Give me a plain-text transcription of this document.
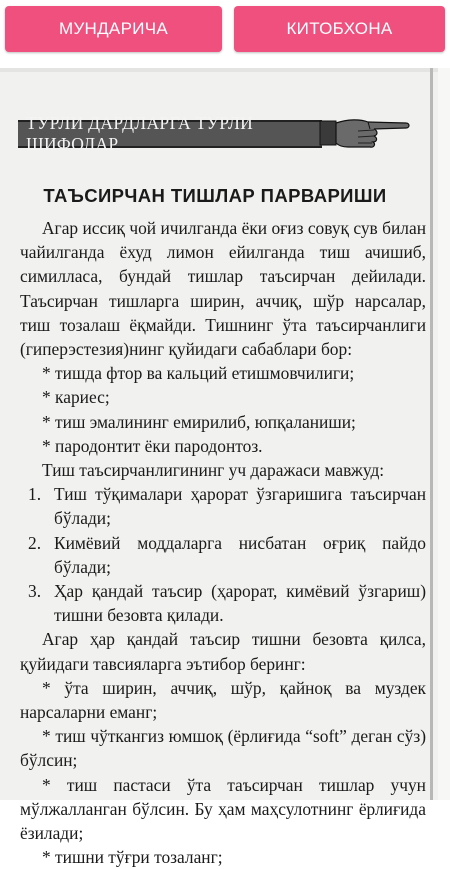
МУНДАРИЧА	КИТОБХОНА
ТУРЛИ ДАРДЛАРГА ТУРЛИ ШИФОЛАР
ТАЪСИРЧАН ТИШЛАР ПАРВАРИШИ

Агар иссиқ чой ичилганда ёки оғиз совуқ сув билан чайилганда ёхуд лимон ейилганда тиш ачишиб, симилласа, бундай тишлар таъсирчан дейилади. Таъсирчан тишларга ширин, аччиқ, шўр нарсалар, тиш тозалаш ёқмайди. Тишнинг ўта таъсирчанлиги (гиперэстезия)нинг қуйидаги сабаблари бор:

* тишда фтор ва кальций етишмовчилиги;

* кариес;

* тиш эмалининг емирилиб, юпқаланиши;

* пародонтит ёки пародонтоз.

Тиш таъсирчанлигининг уч даражаси мавжуд:

1. Тиш тўқималари ҳарорат ўзгаришига таъсирчан бўлади;
2. Кимёвий моддаларга нисбатан оғриқ пайдо бўлади;
3. Ҳар қандай таъсир (ҳарорат, кимёвий ўзгариш) тишни безовта қилади.

Агар ҳар қандай таъсир тишни безовта қилса, қуйидаги тавсияларга эътибор беринг:

* ўта ширин, аччиқ, шўр, қайноқ ва муздек нарсаларни еманг;

* тиш чўткангиз юмшоқ (ёрлиғида “soft” деган сўз) бўлсин;

* тиш пастаси ўта таъсирчан тишлар учун мўлжалланган бўлсин. Бу ҳам маҳсулотнинг ёрлиғида ёзилади;

* тишни тўғри тозаланг;
